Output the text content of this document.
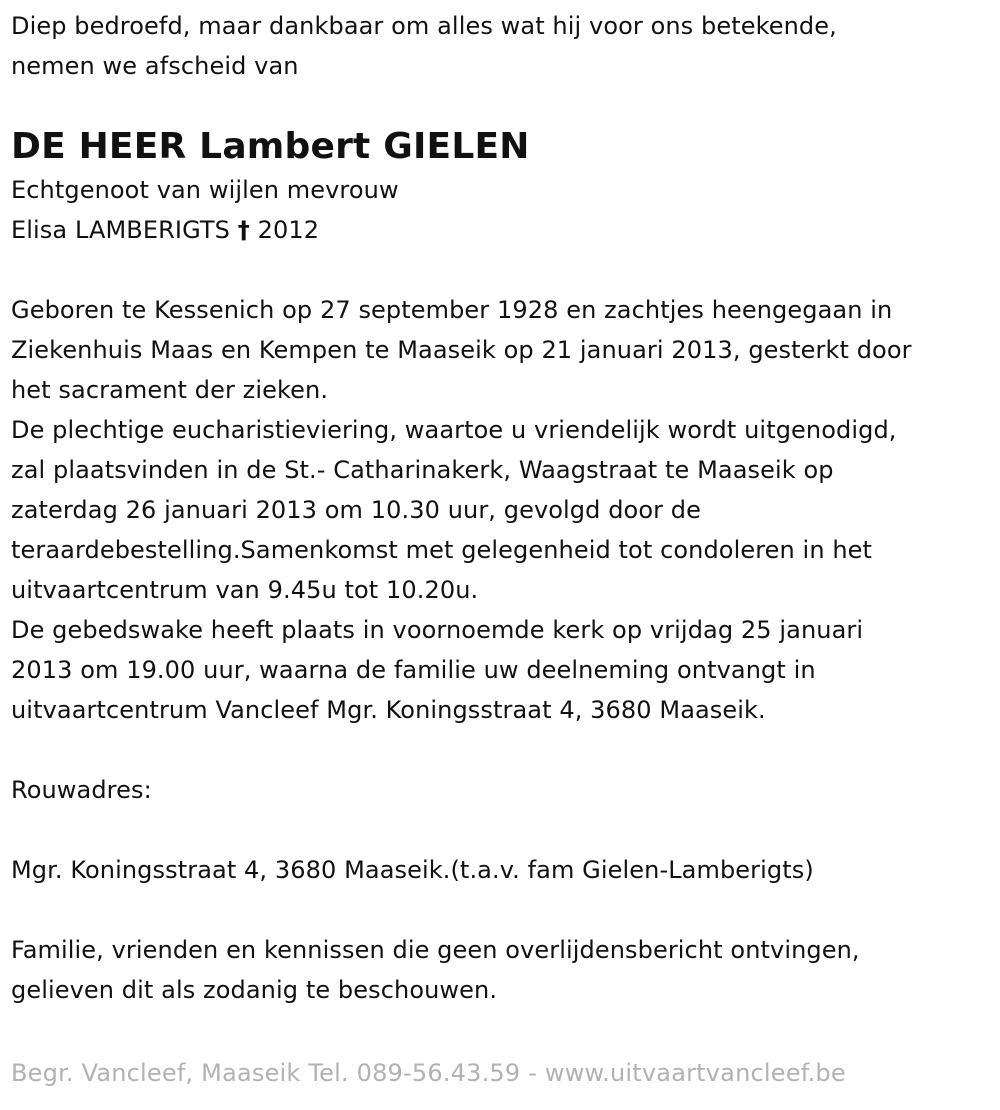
Diep bedroefd, maar dankbaar om alles wat hij voor ons betekende,
nemen we afscheid van
DE HEER Lambert GIELEN
Echtgenoot van wijlen mevrouw
Elisa LAMBERIGTS † 2012
Geboren te Kessenich op 27 september 1928 en zachtjes heengegaan in
Ziekenhuis Maas en Kempen te Maaseik op 21 januari 2013, gesterkt door
het sacrament der zieken.
De plechtige eucharistieviering, waartoe u vriendelijk wordt uitgenodigd,
zal plaatsvinden in de St.- Catharinakerk, Waagstraat te Maaseik op
zaterdag 26 januari 2013 om 10.30 uur, gevolgd door de
teraardebestelling.Samenkomst met gelegenheid tot condoleren in het
uitvaartcentrum van 9.45u tot 10.20u.
De gebedswake heeft plaats in voornoemde kerk op vrijdag 25 januari
2013 om 19.00 uur, waarna de familie uw deelneming ontvangt in
uitvaartcentrum Vancleef Mgr. Koningsstraat 4, 3680 Maaseik.
Rouwadres:
Mgr. Koningsstraat 4, 3680 Maaseik.(t.a.v. fam Gielen-Lamberigts)
Familie, vrienden en kennissen die geen overlijdensbericht ontvingen,
gelieven dit als zodanig te beschouwen.
Begr. Vancleef, Maaseik Tel. 089-56.43.59 - www.uitvaartvancleef.be
